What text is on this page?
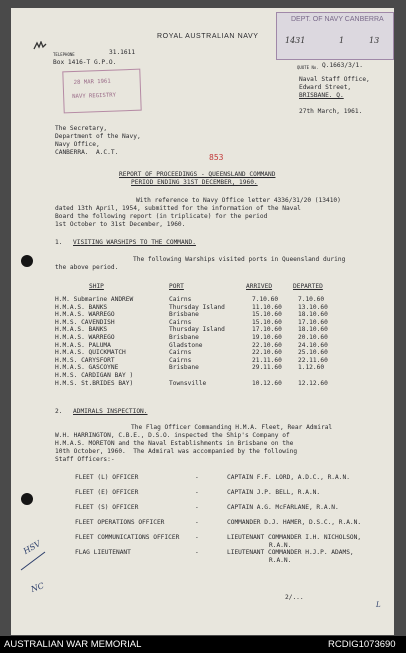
ROYAL AUSTRALIAN NAVY
TELEPHONE	31.1611
Box 1416-T G.P.O.
28 MAR 1961
NAVY REGISTRY
DEPT. OF NAVY CANBERRA
1431	1	13
QUOTE No. Q.1663/3/1.
Naval Staff Office,
Edward Street,
BRISBANE. Q.
27th March, 1961.
The Secretary,
Department of the Navy,
Navy Office,
CANBERRA.  A.C.T.
853
REPORT OF PROCEEDINGS - QUEENSLAND COMMAND
PERIOD ENDING 31ST DECEMBER, 1960.
With reference to Navy Office letter 4336/31/20 (13410)
dated 13th April, 1954, submitted for the information of the Naval
Board the following report (in triplicate) for the period
1st October to 31st December, 1960.
1. VISITING WARSHIPS TO THE COMMAND.
The following Warships visited ports in Queensland during
the above period.
SHIP	PORT	ARRIVED	DEPARTED
H.M. Submarine ANDREW	Cairns	7.10.60	7.10.60
H.M.A.S. BANKS	Thursday Island	11.10.60	13.10.60
H.M.A.S. WARREGO	Brisbane	15.10.60	18.10.60
H.M.S. CAVENDISH	Cairns	15.10.60	17.10.60
H.M.A.S. BANKS	Thursday Island	17.10.60	18.10.60
H.M.A.S. WARREGO	Brisbane	19.10.60	20.10.60
H.M.A.S. PALUMA	Gladstone	22.10.60	24.10.60
H.M.A.S. QUICKMATCH	Cairns	22.10.60	25.10.60
H.M.S. CARYSFORT	Cairns	21.11.60	22.11.60
H.M.A.S. GASCOYNE	Brisbane	29.11.60	1.12.60
H.M.S. CARDIGAN BAY )
H.M.S. St.BRIDES BAY)	Townsville	10.12.60	12.12.60
2. ADMIRALS INSPECTION.
The Flag Officer Commanding H.M.A. Fleet, Rear Admiral
W.H. HARRINGTON, C.B.E., D.S.O. inspected the Ship's Company of
H.M.A.S. MORETON and the Naval Establishments in Brisbane on the
10th October, 1960.  The Admiral was accompanied by the following
Staff Officers:-
FLEET (L) OFFICER	-	CAPTAIN F.F. LORD, A.D.C., R.A.N.
FLEET (E) OFFICER	-	CAPTAIN J.P. BELL, R.A.N.
FLEET (S) OFFICER	-	CAPTAIN A.G. McFARLANE, R.A.N.
FLEET OPERATIONS OFFICER	-	COMMANDER D.J. HAMER, D.S.C., R.A.N.
FLEET COMMUNICATIONS OFFICER	-	LIEUTENANT COMMANDER I.H. NICHOLSON,
R.A.N.
FLAG LIEUTENANT	-	LIEUTENANT COMMANDER H.J.P. ADAMS,
R.A.N.
2/...
HSV
NC
L
AUSTRALIAN WAR MEMORIAL	RCDIG1073690
